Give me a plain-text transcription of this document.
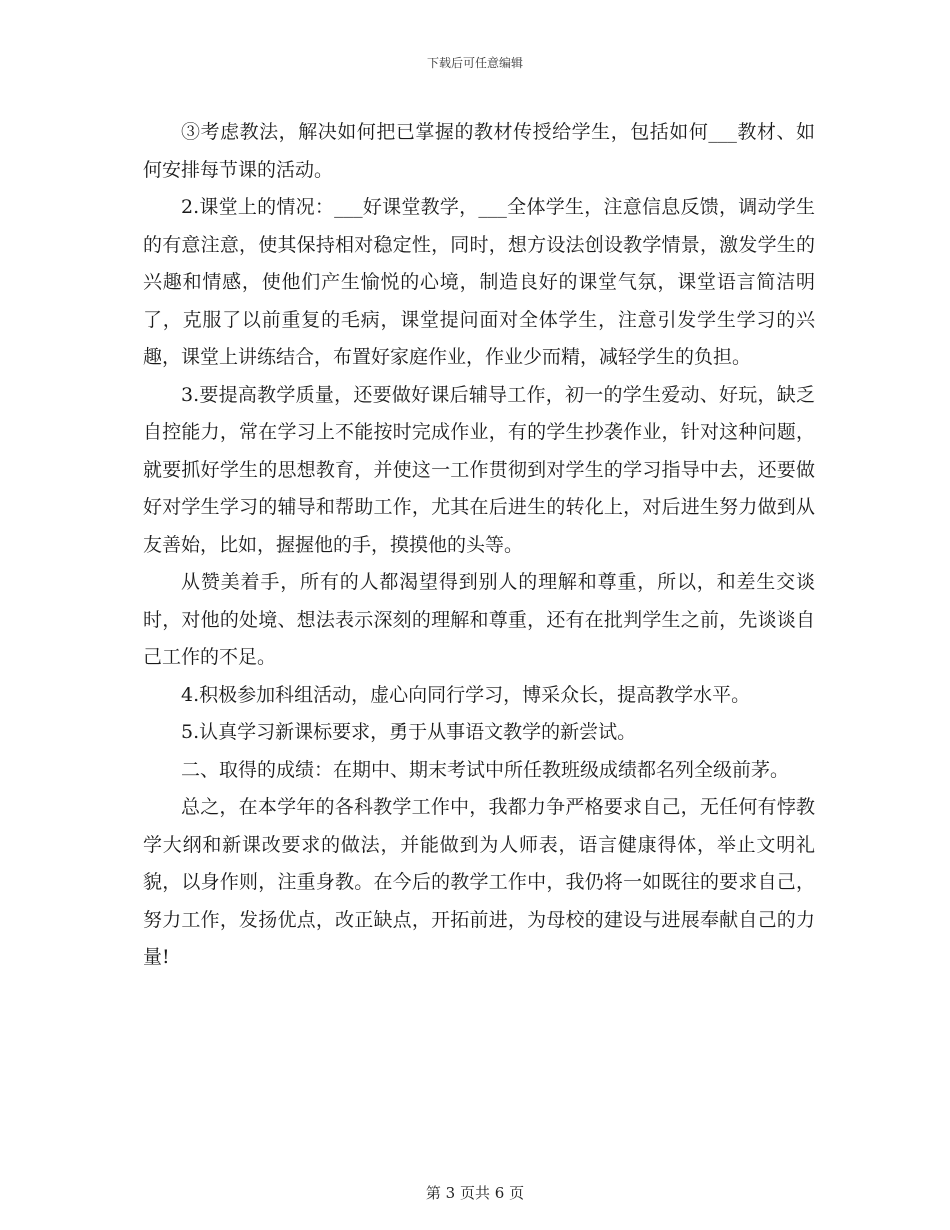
下载后可任意编辑

③考虑教法，解决如何把已掌握的教材传授给学生，包括如何___教材、如何安排每节课的活动。

2.课堂上的情况：___好课堂教学，___全体学生，注意信息反馈，调动学生的有意注意，使其保持相对稳定性，同时，想方设法创设教学情景，激发学生的兴趣和情感，使他们产生愉悦的心境，制造良好的课堂气氛，课堂语言简洁明了，克服了以前重复的毛病，课堂提问面对全体学生，注意引发学生学习的兴趣，课堂上讲练结合，布置好家庭作业，作业少而精，减轻学生的负担。

3.要提高教学质量，还要做好课后辅导工作，初一的学生爱动、好玩，缺乏自控能力，常在学习上不能按时完成作业，有的学生抄袭作业，针对这种问题，就要抓好学生的思想教育，并使这一工作贯彻到对学生的学习指导中去，还要做好对学生学习的辅导和帮助工作，尤其在后进生的转化上，对后进生努力做到从友善始，比如，握握他的手，摸摸他的头等。

从赞美着手，所有的人都渴望得到别人的理解和尊重，所以，和差生交谈时，对他的处境、想法表示深刻的理解和尊重，还有在批判学生之前，先谈谈自己工作的不足。

4.积极参加科组活动，虚心向同行学习，博采众长，提高教学水平。

5.认真学习新课标要求，勇于从事语文教学的新尝试。

二、取得的成绩：在期中、期末考试中所任教班级成绩都名列全级前茅。

总之，在本学年的各科教学工作中，我都力争严格要求自己，无任何有悖教学大纲和新课改要求的做法，并能做到为人师表，语言健康得体，举止文明礼貌，以身作则，注重身教。在今后的教学工作中，我仍将一如既往的要求自己，努力工作，发扬优点，改正缺点，开拓前进，为母校的建设与进展奉献自己的力量!

第 3 页共 6 页
